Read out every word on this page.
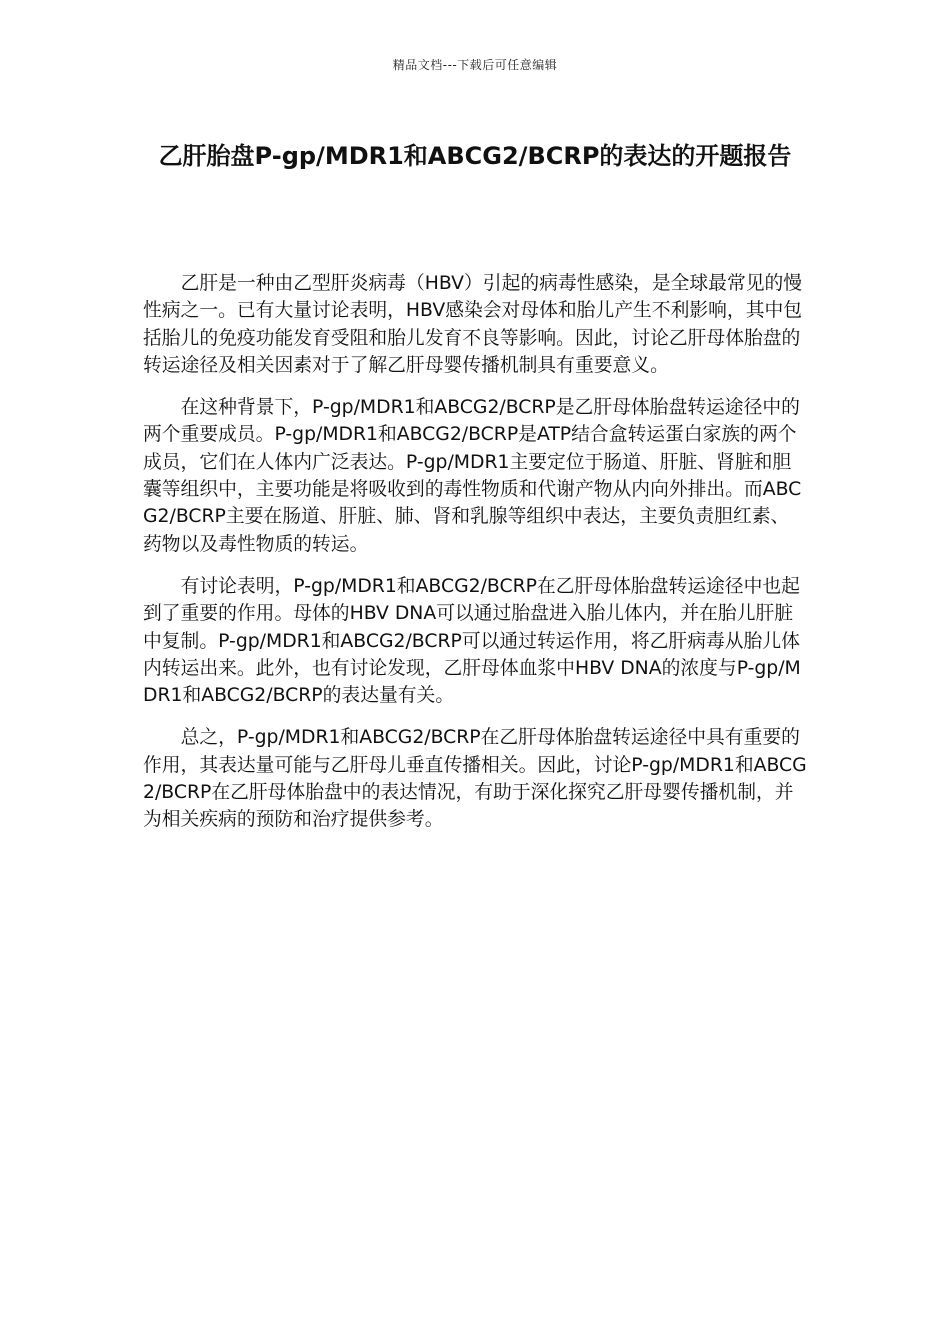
精品文档---下载后可任意编辑
乙肝胎盘P-gp/MDR1和ABCG2/BCRP的表达的开题报告

乙肝是一种由乙型肝炎病毒（HBV）引起的病毒性感染，是全球最常见的慢性病之一。已有大量讨论表明，HBV感染会对母体和胎儿产生不利影响，其中包括胎儿的免疫功能发育受阻和胎儿发育不良等影响。因此，讨论乙肝母体胎盘的转运途径及相关因素对于了解乙肝母婴传播机制具有重要意义。

在这种背景下，P-gp/MDR1和ABCG2/BCRP是乙肝母体胎盘转运途径中的两个重要成员。P-gp/MDR1和ABCG2/BCRP是ATP结合盒转运蛋白家族的两个成员，它们在人体内广泛表达。P-gp/MDR1主要定位于肠道、肝脏、肾脏和胆囊等组织中，主要功能是将吸收到的毒性物质和代谢产物从内向外排出。而ABCG2/BCRP主要在肠道、肝脏、肺、肾和乳腺等组织中表达，主要负责胆红素、药物以及毒性物质的转运。

有讨论表明，P-gp/MDR1和ABCG2/BCRP在乙肝母体胎盘转运途径中也起到了重要的作用。母体的HBV DNA可以通过胎盘进入胎儿体内，并在胎儿肝脏中复制。P-gp/MDR1和ABCG2/BCRP可以通过转运作用，将乙肝病毒从胎儿体内转运出来。此外，也有讨论发现，乙肝母体血浆中HBV DNA的浓度与P-gp/MDR1和ABCG2/BCRP的表达量有关。

总之，P-gp/MDR1和ABCG2/BCRP在乙肝母体胎盘转运途径中具有重要的作用，其表达量可能与乙肝母儿垂直传播相关。因此，讨论P-gp/MDR1和ABCG2/BCRP在乙肝母体胎盘中的表达情况，有助于深化探究乙肝母婴传播机制，并为相关疾病的预防和治疗提供参考。
